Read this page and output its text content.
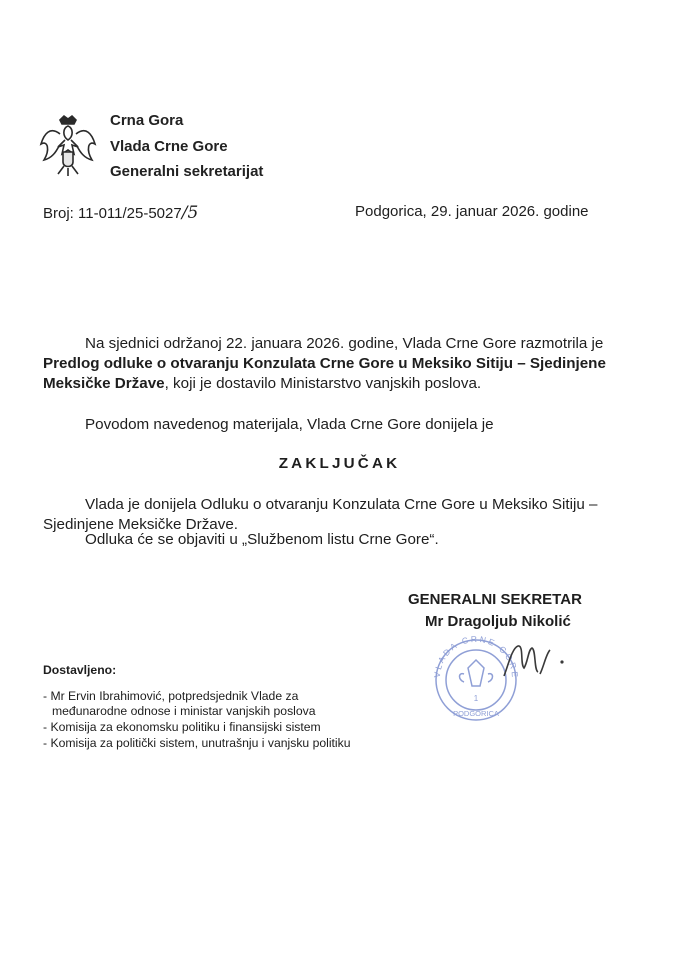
Crna Gora
Vlada Crne Gore
Generalni sekretarijat
Broj: 11-011/25-5027/5	Podgorica, 29. januar 2026. godine

Na sjednici održanoj 22. januara 2026. godine, Vlada Crne Gore razmotrila je Predlog odluke o otvaranju Konzulata Crne Gore u Meksiko Sitiju – Sjedinjene Meksičke Države, koji je dostavilo Ministarstvo vanjskih poslova.

Povodom navedenog materijala, Vlada Crne Gore donijela je

ZAKLJUČAK

Vlada je donijela Odluku o otvaranju Konzulata Crne Gore u Meksiko Sitiju – Sjedinjene Meksičke Države.

Odluka će se objaviti u „Službenom listu Crne Gore“.

GENERALNI SEKRETAR
Mr Dragoljub Nikolić
VLADA CRNE GORE
1
PODGORICA
Dostavljeno:
- Mr Ervin Ibrahimović, potpredsjednik Vlade za
međunarodne odnose i ministar vanjskih poslova
- Komisija za ekonomsku politiku i finansijski sistem
- Komisija za politički sistem, unutrašnju i vanjsku politiku
